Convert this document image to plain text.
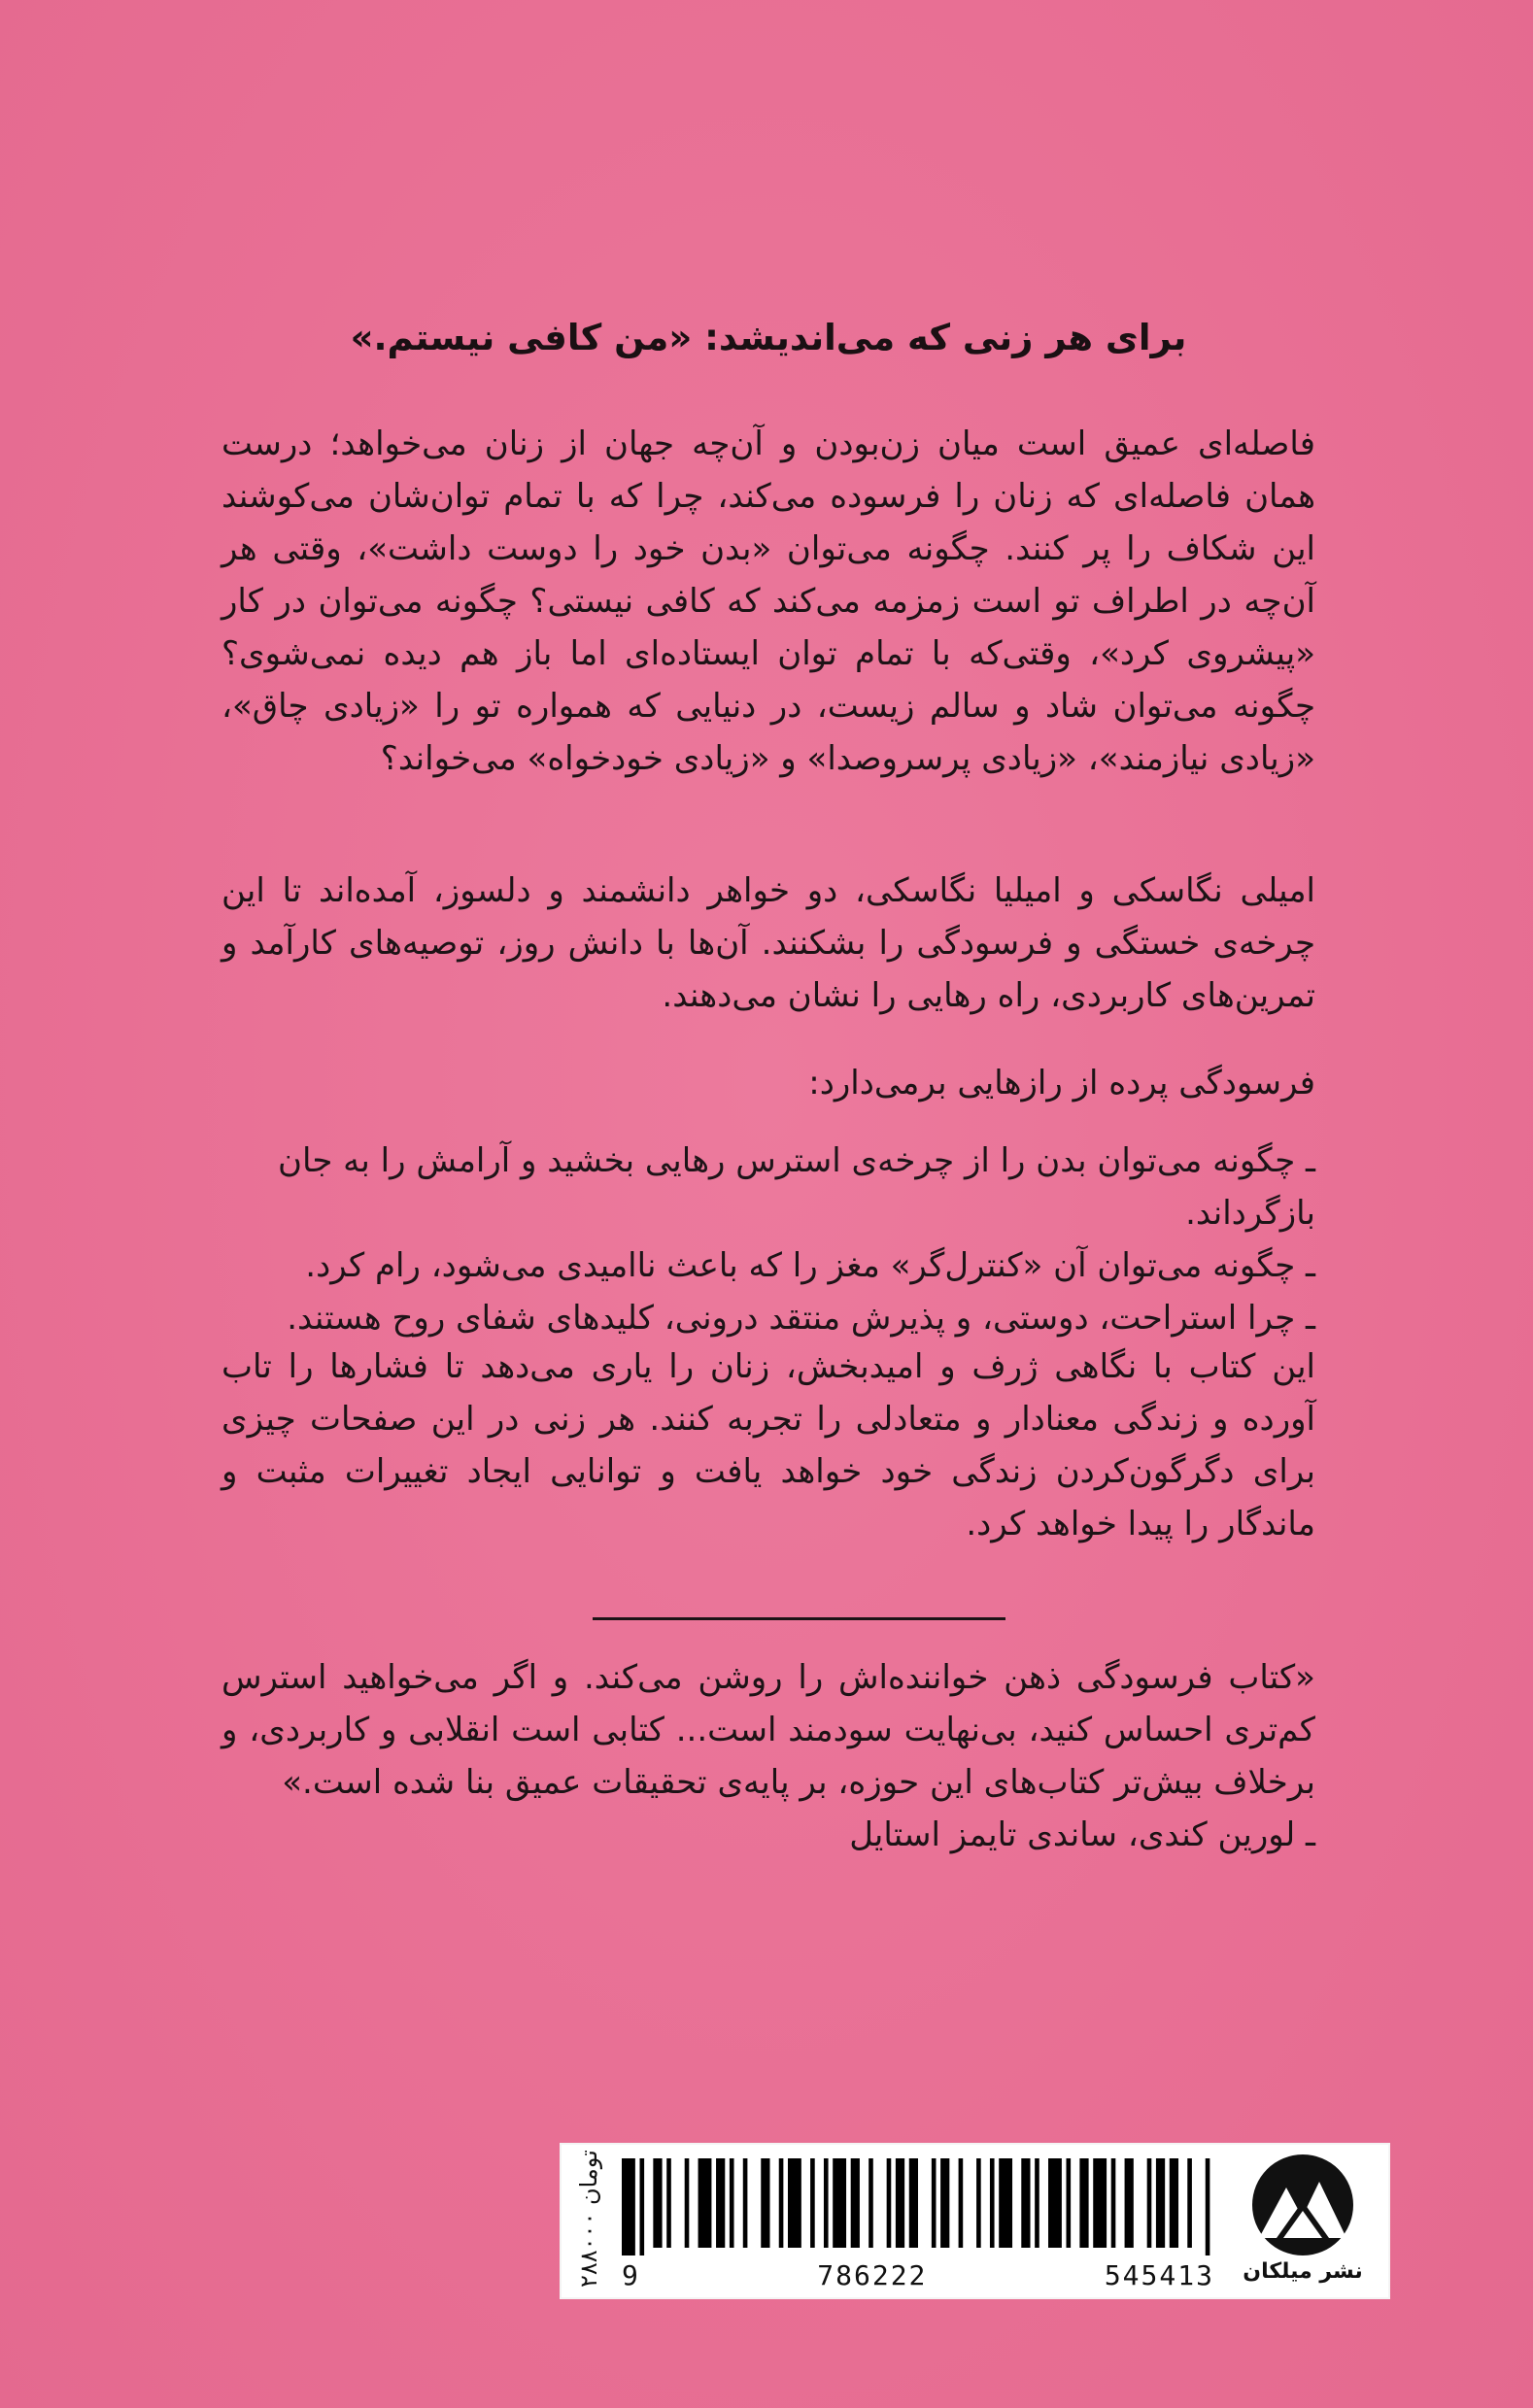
برای هر زنی که می‌اندیشد: «من کافی نیستم.»
فاصله‌ای عمیق است میان زن‌بودن و آن‌چه جهان از زنان می‌خواهد؛ درست همان فاصله‌ای که زنان را فرسوده می‌کند، چرا که با تمام توان‌شان می‌کوشند این شکاف را پر کنند. چگونه می‌توان «بدن خود را دوست داشت»، وقتی هر آن‌چه در اطراف تو است زمزمه می‌کند که کافی نیستی؟ چگونه می‌توان در کار «پیشروی کرد»، وقتی‌که با تمام توان ایستاده‌ای اما باز هم دیده نمی‌شوی؟ چگونه می‌توان شاد و سالم زیست، در دنیایی که همواره تو را «زیادی چاق»، «زیادی نیازمند»، «زیادی پرسروصدا» و «زیادی خودخواه» می‌خواند؟
امیلی نگاسکی و امیلیا نگاسکی، دو خواهر دانشمند و دلسوز، آمده‌اند تا این چرخه‌ی خستگی و فرسودگی را بشکنند. آن‌ها با دانش روز، توصیه‌های کارآمد و تمرین‌های کاربردی، راه رهایی را نشان می‌دهند.
فرسودگی پرده از رازهایی برمی‌دارد:
ـ چگونه می‌توان بدن را از چرخه‌ی استرس رهایی بخشید و آرامش را به جان بازگرداند.
ـ چگونه می‌توان آن «کنترل‌گر» مغز را که باعث ناامیدی می‌شود، رام کرد.
ـ چرا استراحت، دوستی، و پذیرش منتقد درونی، کلیدهای شفای روح هستند.
این کتاب با نگاهی ژرف و امیدبخش، زنان را یاری می‌دهد تا فشارها را تاب آورده و زندگی معنادار و متعادلی را تجربه کنند. هر زنی در این صفحات چیزی برای دگرگون‌کردن زندگی خود خواهد یافت و توانایی ایجاد تغییرات مثبت و ماندگار را پیدا خواهد کرد.
«کتاب فرسودگی ذهن خواننده‌اش را روشن می‌کند. و اگر می‌خواهید استرس کم‌تری احساس کنید، بی‌نهایت سودمند است... کتابی است انقلابی و کاربردی، و برخلاف بیش‌تر کتاب‌های این حوزه، بر پایه‌ی تحقیقات عمیق بنا شده است.»
ـ لورین کندی، ساندی تایمز استایل
۲۸۸۰۰۰ تومان
9	786222	545413	نشر میلکان
